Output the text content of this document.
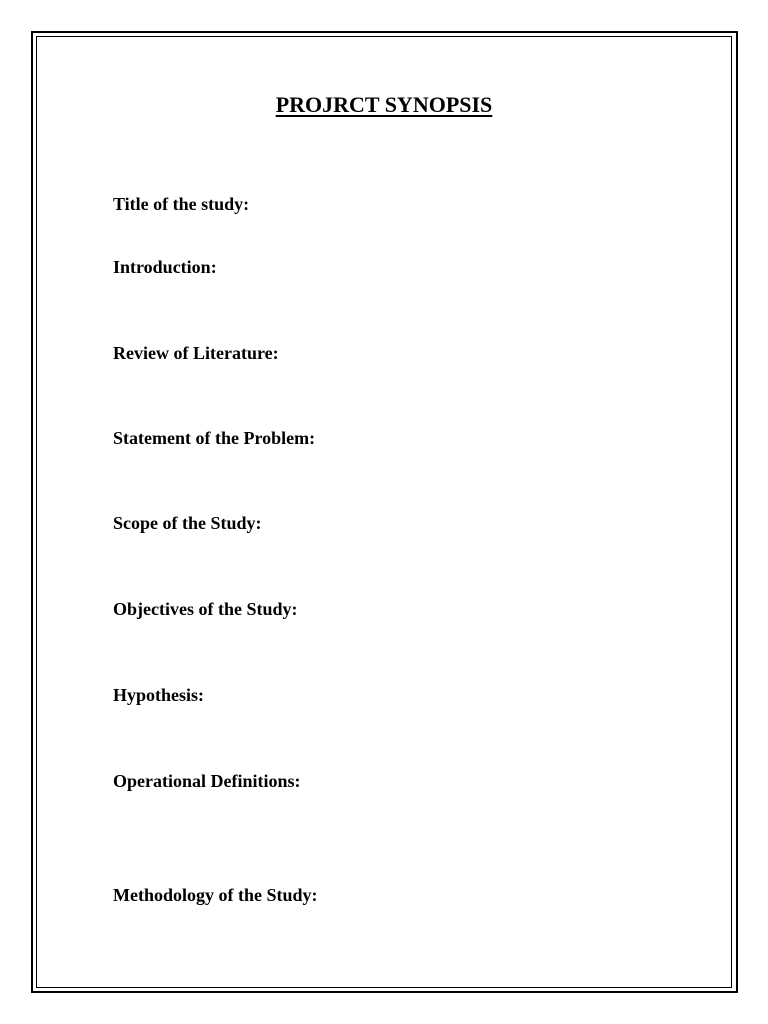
PROJRCT SYNOPSIS
Title of the study:
Introduction:
Review of Literature:
Statement of the Problem:
Scope of the Study:
Objectives of the Study:
Hypothesis:
Operational Definitions:
Methodology of the Study:
